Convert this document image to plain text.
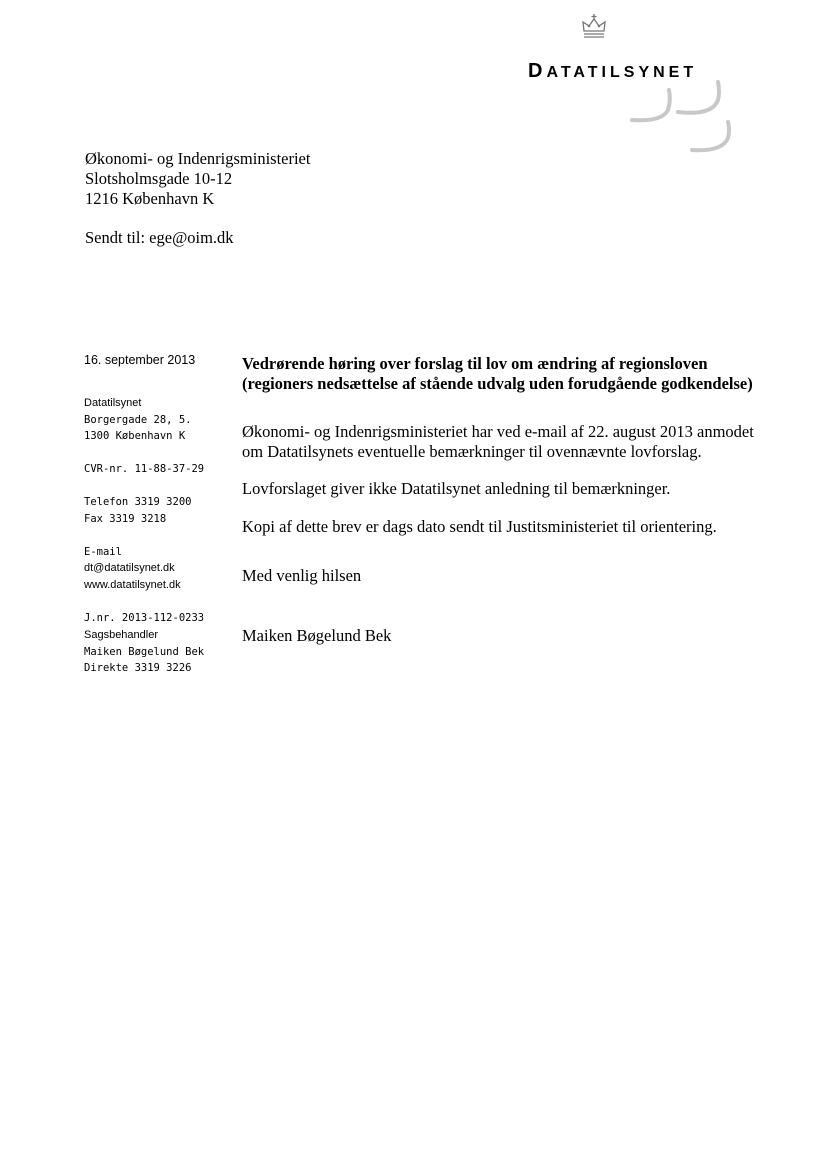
DATATILSYNET
Økonomi- og Indenrigsministeriet
Slotsholmsgade 10-12
1216 København K
Sendt til: ege@oim.dk
16. september 2013
Datatilsynet
Borgergade 28, 5.
1300 København K
CVR-nr. 11-88-37-29
Telefon 3319 3200
Fax 3319 3218
E-mail
dt@datatilsynet.dk
www.datatilsynet.dk
J.nr. 2013-112-0233
Sagsbehandler
Maiken Bøgelund Bek
Direkte 3319 3226

Vedrørende høring over forslag til lov om ændring af regionsloven (regioners nedsættelse af stående udvalg uden forudgående godkendelse)

Økonomi- og Indenrigsministeriet har ved e-mail af 22. august 2013 anmodet om Datatilsynets eventuelle bemærkninger til ovennævnte lovforslag.

Lovforslaget giver ikke Datatilsynet anledning til bemærkninger.

Kopi af dette brev er dags dato sendt til Justitsministeriet til orientering.

Med venlig hilsen

Maiken Bøgelund Bek
